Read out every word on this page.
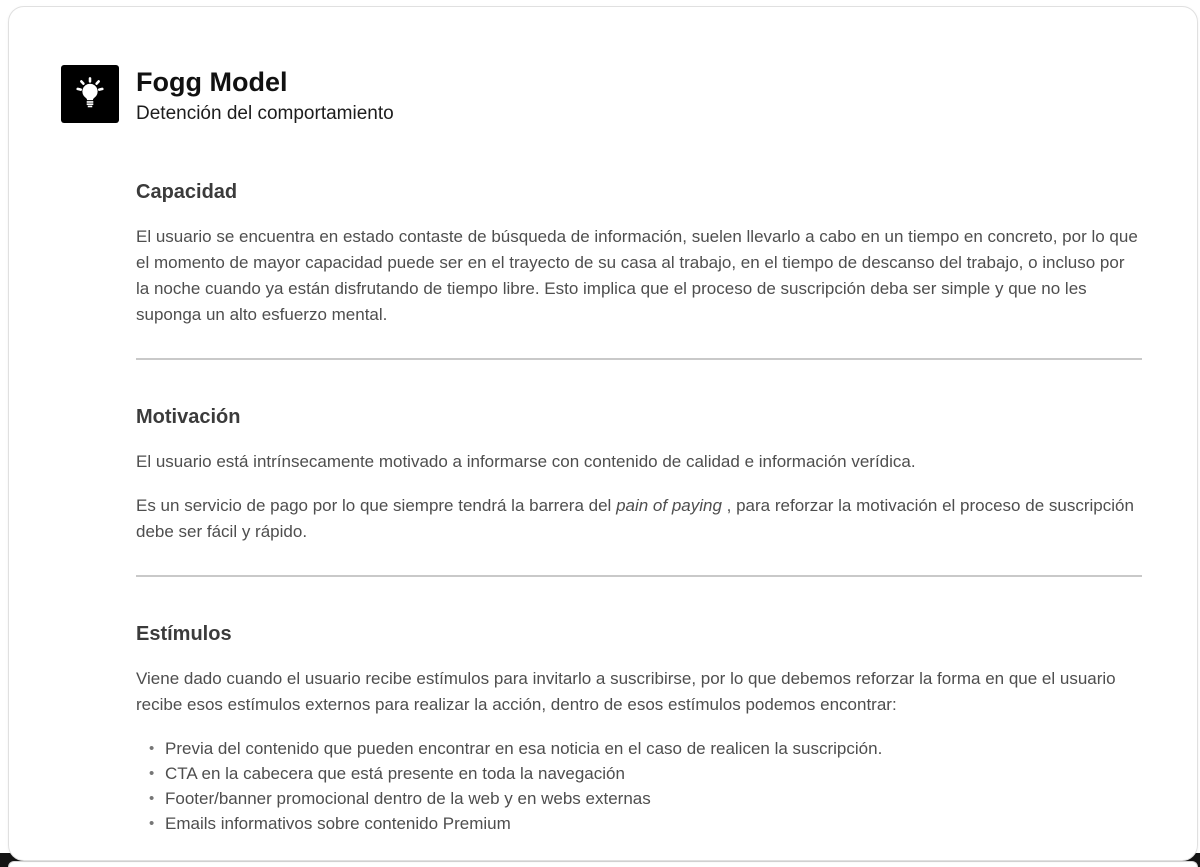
Fogg Model
Detención del comportamiento
Capacidad

El usuario se encuentra en estado contaste de búsqueda de información, suelen llevarlo a cabo en un tiempo en concreto, por lo que el momento de mayor capacidad puede ser en el trayecto de su casa al trabajo, en el tiempo de descanso del trabajo, o incluso por la noche cuando ya están disfrutando de tiempo libre. Esto implica que el proceso de suscripción deba ser simple y que no les suponga un alto esfuerzo mental.

Motivación

El usuario está intrínsecamente motivado a informarse con contenido de calidad e información verídica.

Es un servicio de pago por lo que siempre tendrá la barrera del pain of paying , para reforzar la motivación el proceso de suscripción debe ser fácil y rápido.

Estímulos

Viene dado cuando el usuario recibe estímulos para invitarlo a suscribirse, por lo que debemos reforzar la forma en que el usuario recibe esos estímulos externos para realizar la acción, dentro de esos estímulos podemos encontrar:

• Previa del contenido que pueden encontrar en esa noticia en el caso de realicen la suscripción.
• CTA en la cabecera que está presente en toda la navegación
• Footer/banner promocional dentro de la web y en webs externas
• Emails informativos sobre contenido Premium
